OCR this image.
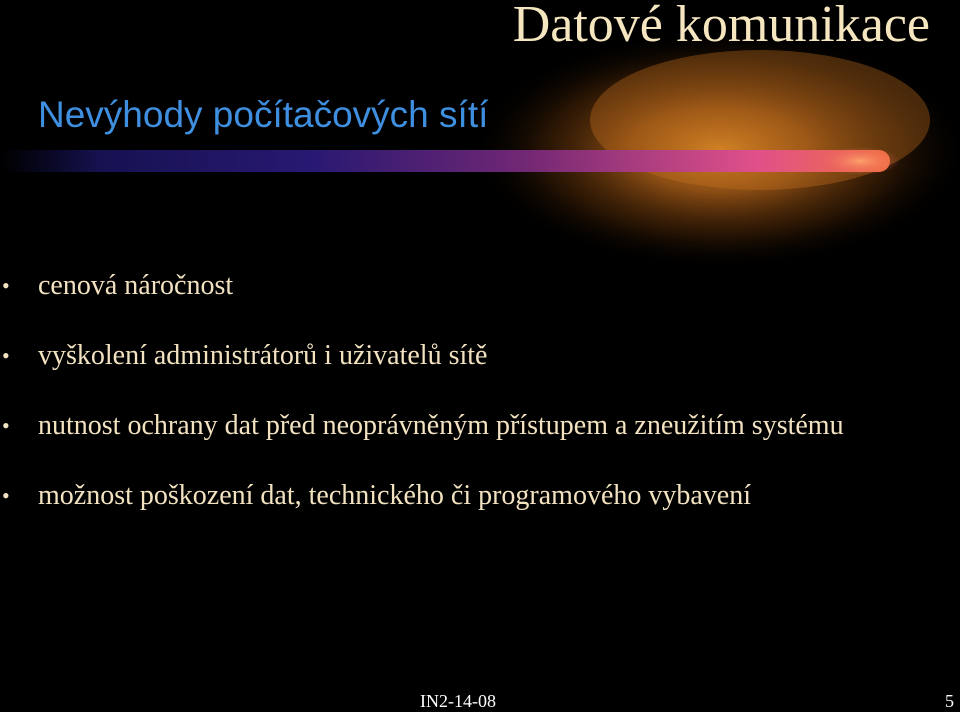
Datové komunikace
Nevýhody počítačových sítí
• cenová náročnost
• vyškolení administrátorů i uživatelů sítě
• nutnost ochrany dat před neoprávněným přístupem a zneužitím systému
• možnost poškození dat, technického či programového vybavení
IN2-14-08	5
